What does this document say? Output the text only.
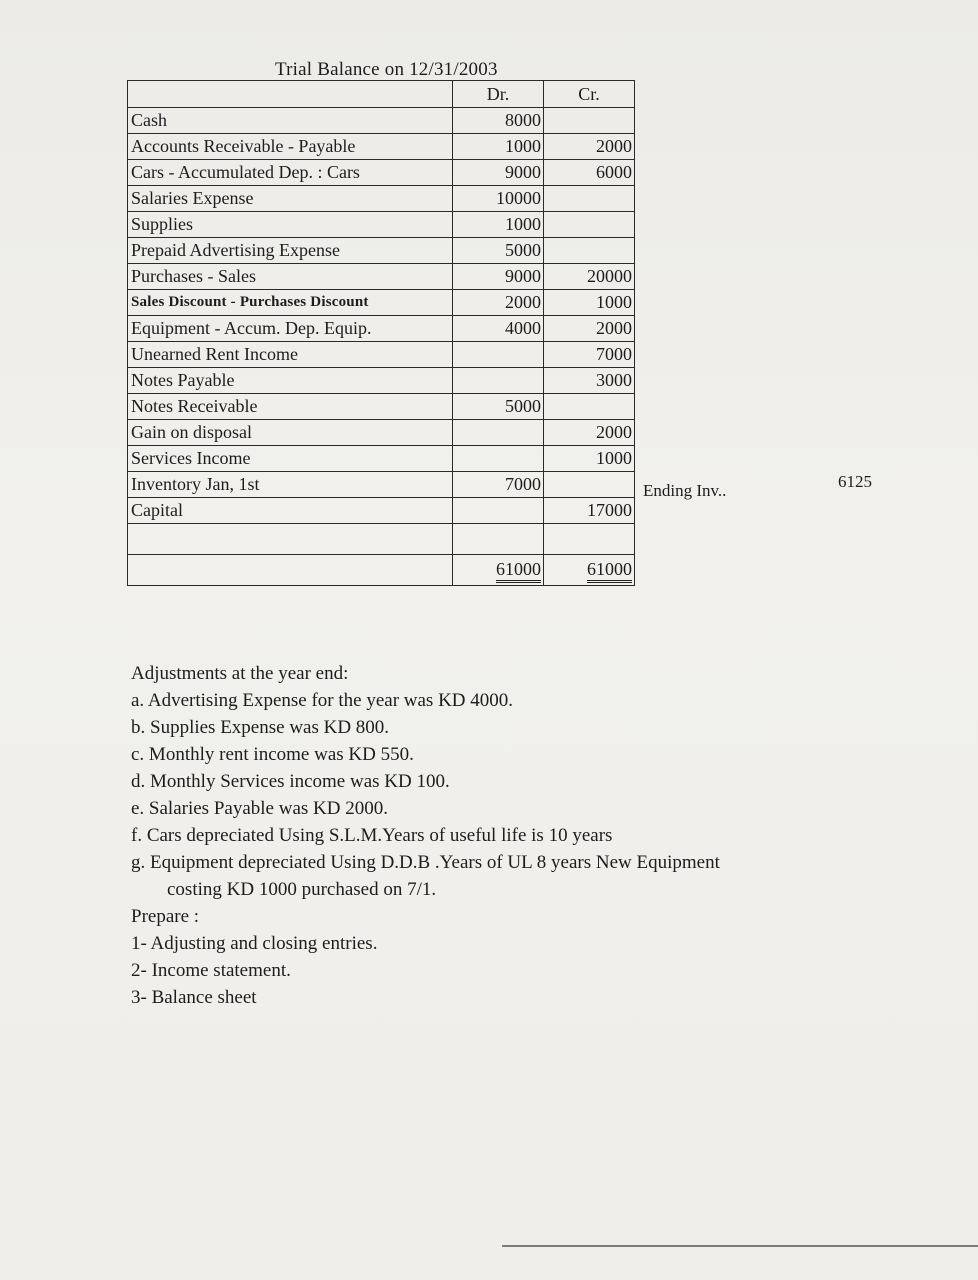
Trial Balance on 12/31/2003
	Dr.	Cr.
Cash	8000	
Accounts Receivable - Payable	1000	2000
Cars - Accumulated Dep. : Cars	9000	6000
Salaries Expense	10000	
Supplies	1000	
Prepaid Advertising Expense	5000	
Purchases - Sales	9000	20000
Sales Discount - Purchases Discount	2000	1000
Equipment - Accum. Dep. Equip.	4000	2000
Unearned Rent Income		7000
Notes Payable		3000
Notes Receivable	5000	
Gain on disposal		2000
Services Income		1000
Inventory Jan, 1st	7000	
Capital		17000

	61000	61000
Ending Inv..	6125
Adjustments at the year end:
a. Advertising Expense for the year was KD 4000.
b. Supplies Expense was KD 800.
c. Monthly rent income was KD 550.
d. Monthly Services income was KD 100.
e. Salaries Payable was KD 2000.
f. Cars depreciated Using S.L.M.Years of useful life is 10 years
g. Equipment depreciated Using D.D.B .Years of UL 8 years New Equipment
costing KD 1000 purchased on 7/1.
Prepare :
1- Adjusting and closing entries.
2- Income statement.
3- Balance sheet
